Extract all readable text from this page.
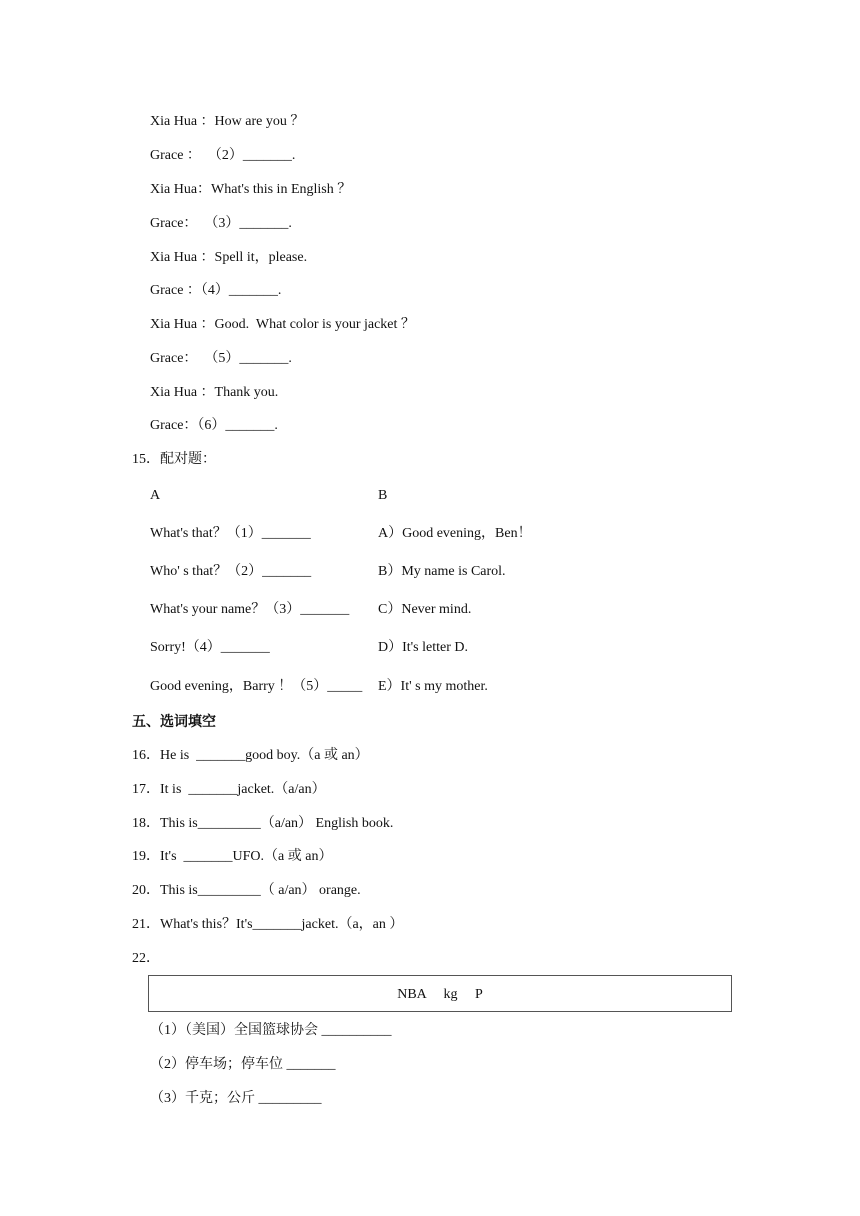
Xia Hua ：How are you ？
Grace ：  （2）_______.
Xia Hua：What's this in English ？
Grace：  （3）_______.
Xia Hua ：Spell it，please.
Grace ：（4）_______.
Xia Hua ：Good.  What color is your jacket ？
Grace：  （5）_______.
Xia Hua ：Thank you.
Grace：（6）_______.
15．配对题：
A	B
What's that？（1）_______
Who' s that？（2）_______
What's your name？（3）_______
Sorry!（4）_______
Good evening，Barry ！（5）_____
A）Good evening，Ben！
B）My name is Carol.
C）Never mind.
D）It's letter D.
E）It' s my mother.
五、选词填空
16．He is  _______good boy.（a 或 an）
17．It is  _______jacket.（a/an）
18．This is_________（a/an） English book.
19．It's  _______UFO.（a 或 an）
20．This is_________（ a/an） orange.
21．What's this？It's_______jacket.（a，an ）
22．
NBA     kg     P
（1）（美国）全国篮球协会 __________
（2）停车场；停车位 _______
（3）千克；公斤 _________
